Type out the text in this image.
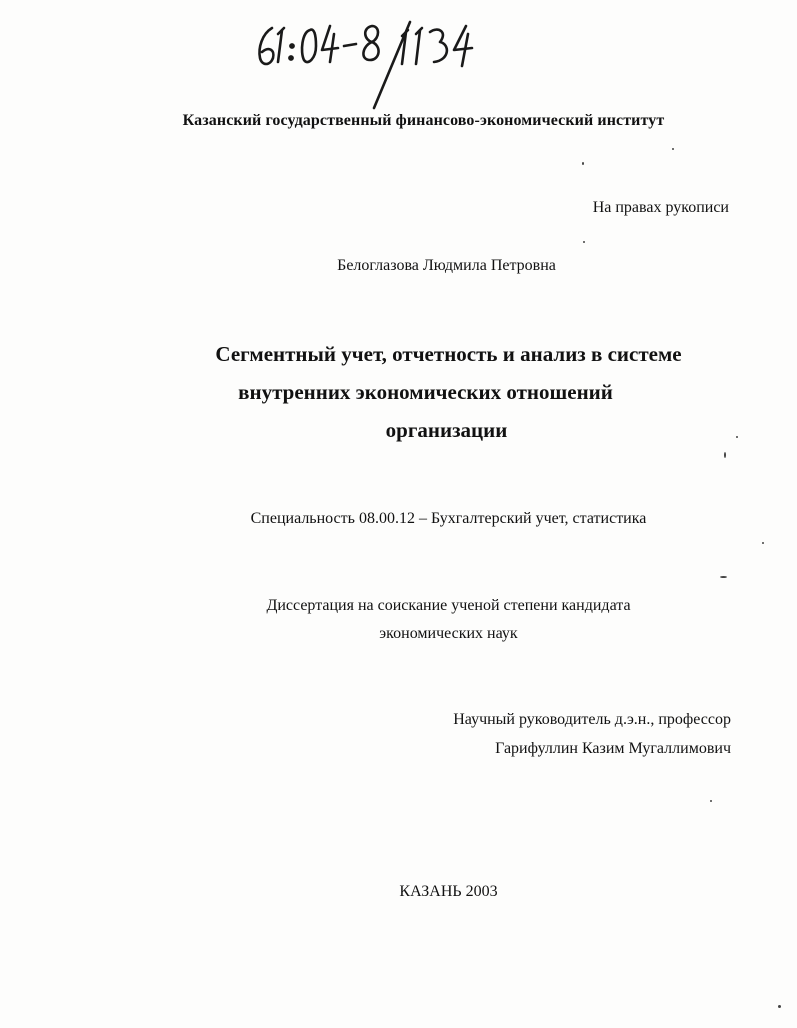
Казанский государственный финансово-экономический институт
На правах рукописи
Белоглазова Людмила Петровна
Сегментный учет, отчетность и анализ в системе
внутренних экономических отношений
организации
Специальность 08.00.12 – Бухгалтерский учет, статистика
Диссертация на соискание ученой степени кандидата
экономических наук
Научный руководитель д.э.н., профессор
Гарифуллин Казим Мугаллимович
КАЗАНЬ 2003
